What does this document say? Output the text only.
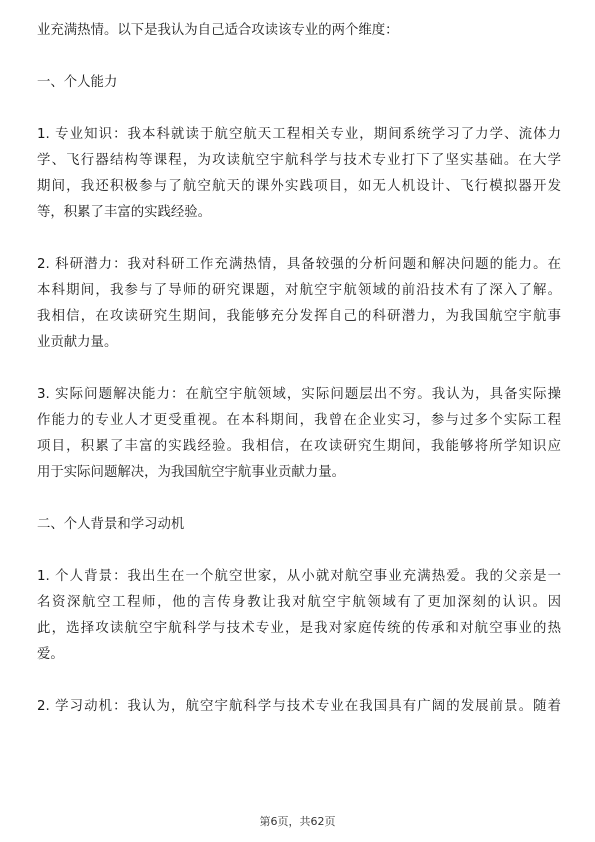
业充满热情。以下是我认为自己适合攻读该专业的两个维度：

一、个人能力

1. 专业知识：我本科就读于航空航天工程相关专业，期间系统学习了力学、流体力

学、飞行器结构等课程，为攻读航空宇航科学与技术专业打下了坚实基础。在大学

期间，我还积极参与了航空航天的课外实践项目，如无人机设计、飞行模拟器开发

等，积累了丰富的实践经验。

2. 科研潜力：我对科研工作充满热情，具备较强的分析问题和解决问题的能力。在

本科期间，我参与了导师的研究课题，对航空宇航领域的前沿技术有了深入了解。

我相信，在攻读研究生期间，我能够充分发挥自己的科研潜力，为我国航空宇航事

业贡献力量。

3. 实际问题解决能力：在航空宇航领域，实际问题层出不穷。我认为，具备实际操

作能力的专业人才更受重视。在本科期间，我曾在企业实习，参与过多个实际工程

项目，积累了丰富的实践经验。我相信，在攻读研究生期间，我能够将所学知识应

用于实际问题解决，为我国航空宇航事业贡献力量。

二、个人背景和学习动机

1. 个人背景：我出生在一个航空世家，从小就对航空事业充满热爱。我的父亲是一

名资深航空工程师，他的言传身教让我对航空宇航领域有了更加深刻的认识。因

此，选择攻读航空宇航科学与技术专业，是我对家庭传统的传承和对航空事业的热

爱。

2. 学习动机：我认为，航空宇航科学与技术专业在我国具有广阔的发展前景。随着

第6页，共62页
